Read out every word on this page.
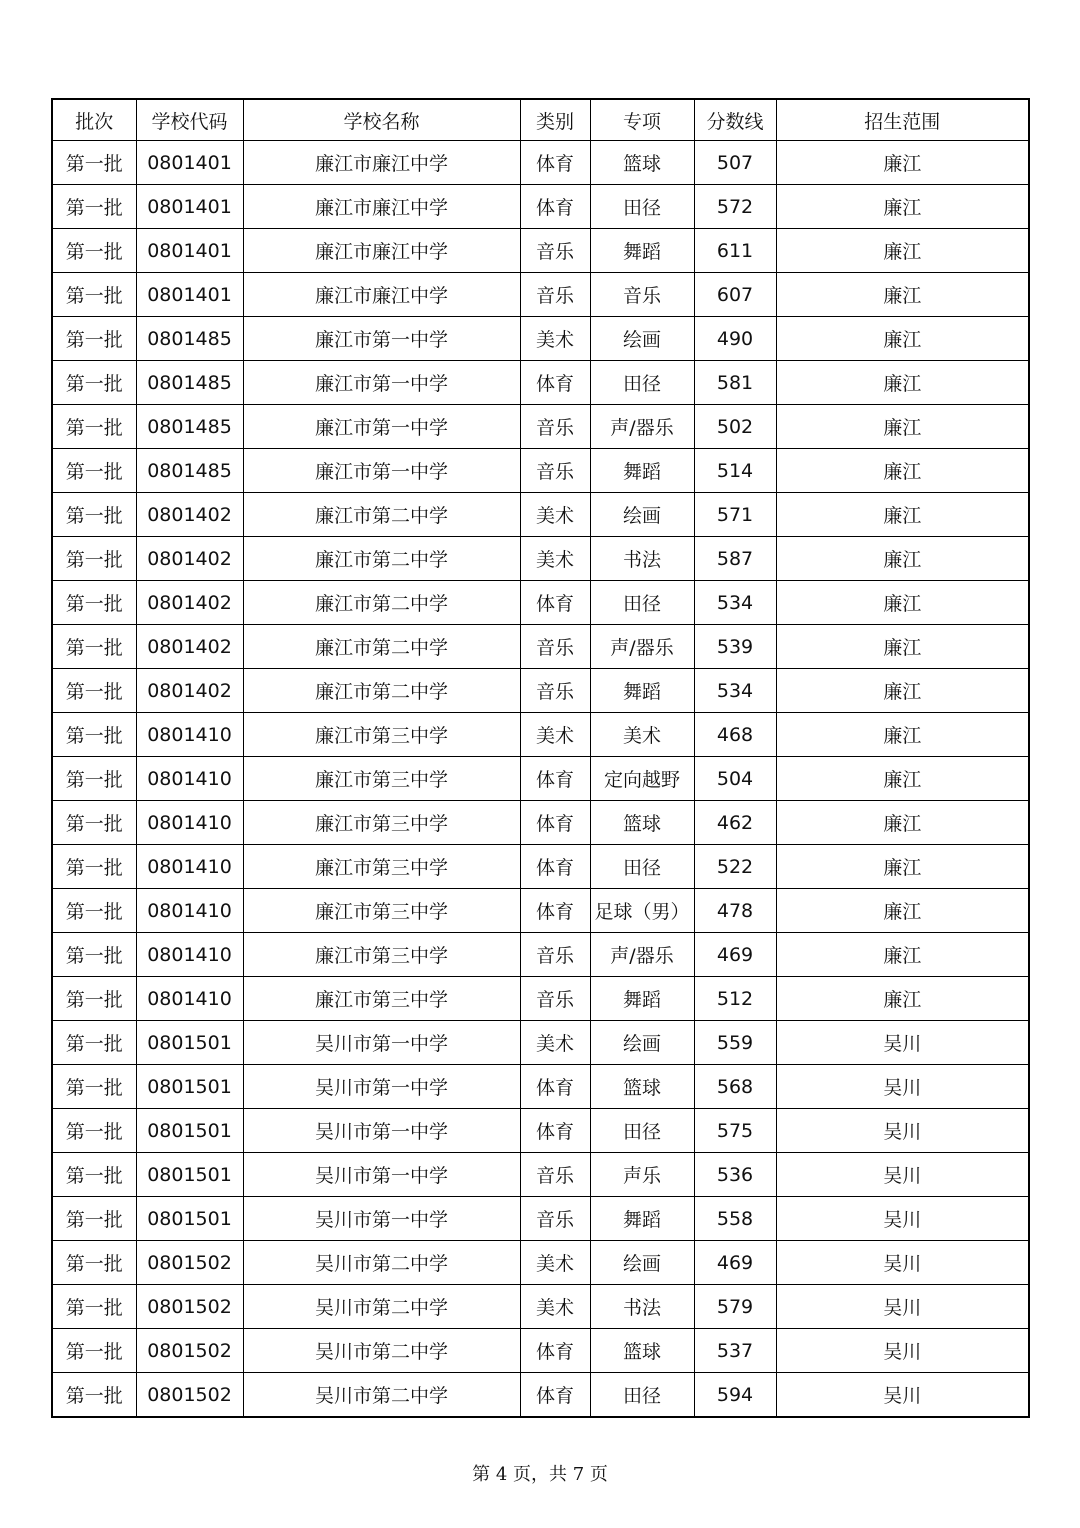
批次	学校代码	学校名称	类别	专项	分数线	招生范围
第一批	0801401	廉江市廉江中学	体育	篮球	507	廉江
第一批	0801401	廉江市廉江中学	体育	田径	572	廉江
第一批	0801401	廉江市廉江中学	音乐	舞蹈	611	廉江
第一批	0801401	廉江市廉江中学	音乐	音乐	607	廉江
第一批	0801485	廉江市第一中学	美术	绘画	490	廉江
第一批	0801485	廉江市第一中学	体育	田径	581	廉江
第一批	0801485	廉江市第一中学	音乐	声/器乐	502	廉江
第一批	0801485	廉江市第一中学	音乐	舞蹈	514	廉江
第一批	0801402	廉江市第二中学	美术	绘画	571	廉江
第一批	0801402	廉江市第二中学	美术	书法	587	廉江
第一批	0801402	廉江市第二中学	体育	田径	534	廉江
第一批	0801402	廉江市第二中学	音乐	声/器乐	539	廉江
第一批	0801402	廉江市第二中学	音乐	舞蹈	534	廉江
第一批	0801410	廉江市第三中学	美术	美术	468	廉江
第一批	0801410	廉江市第三中学	体育	定向越野	504	廉江
第一批	0801410	廉江市第三中学	体育	篮球	462	廉江
第一批	0801410	廉江市第三中学	体育	田径	522	廉江
第一批	0801410	廉江市第三中学	体育	足球（男）	478	廉江
第一批	0801410	廉江市第三中学	音乐	声/器乐	469	廉江
第一批	0801410	廉江市第三中学	音乐	舞蹈	512	廉江
第一批	0801501	吴川市第一中学	美术	绘画	559	吴川
第一批	0801501	吴川市第一中学	体育	篮球	568	吴川
第一批	0801501	吴川市第一中学	体育	田径	575	吴川
第一批	0801501	吴川市第一中学	音乐	声乐	536	吴川
第一批	0801501	吴川市第一中学	音乐	舞蹈	558	吴川
第一批	0801502	吴川市第二中学	美术	绘画	469	吴川
第一批	0801502	吴川市第二中学	美术	书法	579	吴川
第一批	0801502	吴川市第二中学	体育	篮球	537	吴川
第一批	0801502	吴川市第二中学	体育	田径	594	吴川
第 4 页，共 7 页
